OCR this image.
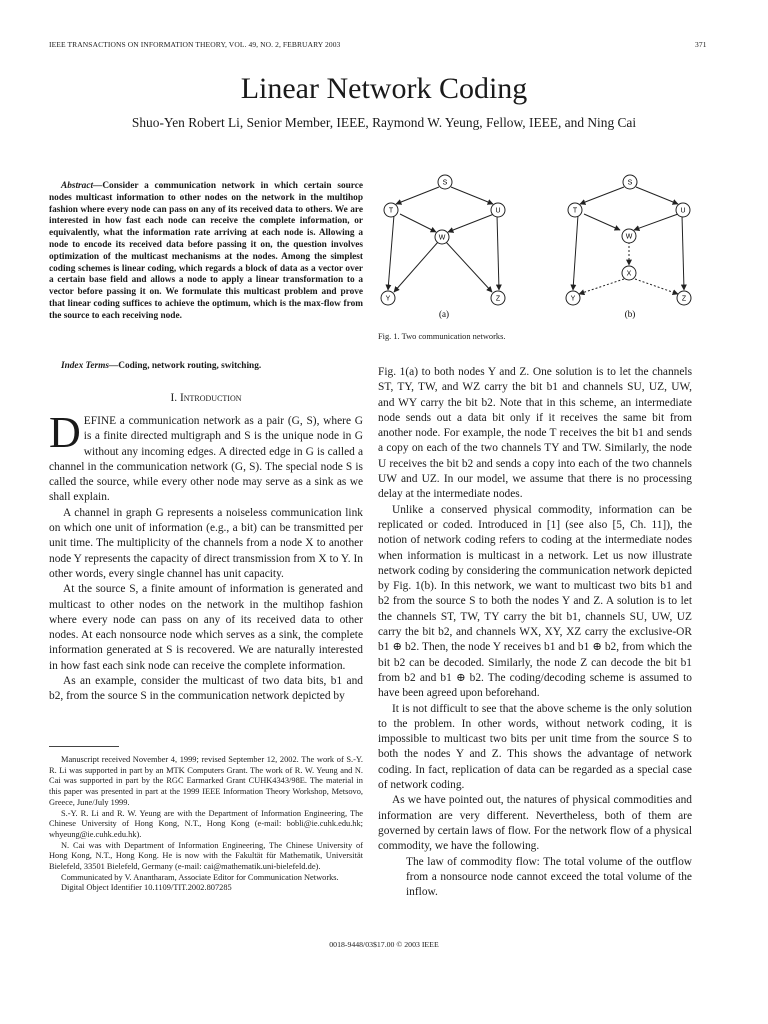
IEEE TRANSACTIONS ON INFORMATION THEORY, VOL. 49, NO. 2, FEBRUARY 2003	371
Linear Network Coding
Shuo-Yen Robert Li, Senior Member, IEEE, Raymond W. Yeung, Fellow, IEEE, and Ning Cai
Abstract—Consider a communication network in which certain source nodes multicast information to other nodes on the network in the multihop fashion where every node can pass on any of its received data to others. We are interested in how fast each node can receive the complete information, or equivalently, what the information rate arriving at each node is. Allowing a node to encode its received data before passing it on, the question involves optimization of the multicast mechanisms at the nodes. Among the simplest coding schemes is linear coding, which regards a block of data as a vector over a certain base field and allows a node to apply a linear transformation to a vector before passing it on. We formulate this multicast problem and prove that linear coding suffices to achieve the optimum, which is the max-flow from the source to each receiving node.
Index Terms—Coding, network routing, switching.
I. Introduction

DEFINE a communication network as a pair (G, S), where G is a finite directed multigraph and S is the unique node in G without any incoming edges. A directed edge in G is called a channel in the communication network (G, S). The special node S is called the source, while every other node may serve as a sink as we shall explain.

A channel in graph G represents a noiseless communication link on which one unit of information (e.g., a bit) can be transmitted per unit time. The multiplicity of the channels from a node X to another node Y represents the capacity of direct transmission from X to Y. In other words, every single channel has unit capacity.

At the source S, a finite amount of information is generated and multicast to other nodes on the network in the multihop fashion where every node can pass on any of its received data to other nodes. At each nonsource node which serves as a sink, the complete information generated at S is recovered. We are naturally interested in how fast each sink node can receive the complete information.

As an example, consider the multicast of two data bits, b1 and b2, from the source S in the communication network depicted by

Manuscript received November 4, 1999; revised September 12, 2002. The work of S.-Y. R. Li was supported in part by an MTK Computers Grant. The work of R. W. Yeung and N. Cai was supported in part by the RGC Earmarked Grant CUHK4343/98E. The material in this paper was presented in part at the 1999 IEEE Information Theory Workshop, Metsovo, Greece, June/July 1999.

S.-Y. R. Li and R. W. Yeung are with the Department of Information Engineering, The Chinese University of Hong Kong, N.T., Hong Kong (e-mail: bobli@ie.cuhk.edu.hk; whyeung@ie.cuhk.edu.hk).

N. Cai was with Department of Information Engineering, The Chinese University of Hong Kong, N.T., Hong Kong. He is now with the Fakultät für Mathematik, Universität Bielefeld, 33501 Bielefeld, Germany (e-mail: cai@mathematik.uni-bielefeld.de).

Communicated by V. Anantharam, Associate Editor for Communication Networks.

Digital Object Identifier 10.1109/TIT.2002.807285

S
T	U
W
Y	Z
S
T	U
W
X
Y	Z
(a)	(b)
Fig. 1. Two communication networks.

Fig. 1(a) to both nodes Y and Z. One solution is to let the channels ST, TY, TW, and WZ carry the bit b1 and channels SU, UZ, UW, and WY carry the bit b2. Note that in this scheme, an intermediate node sends out a data bit only if it receives the same bit from another node. For example, the node T receives the bit b1 and sends a copy on each of the two channels TY and TW. Similarly, the node U receives the bit b2 and sends a copy into each of the two channels UW and UZ. In our model, we assume that there is no processing delay at the intermediate nodes.

Unlike a conserved physical commodity, information can be replicated or coded. Introduced in [1] (see also [5, Ch. 11]), the notion of network coding refers to coding at the intermediate nodes when information is multicast in a network. Let us now illustrate network coding by considering the communication network depicted by Fig. 1(b). In this network, we want to multicast two bits b1 and b2 from the source S to both the nodes Y and Z. A solution is to let the channels ST, TW, TY carry the bit b1, channels SU, UW, UZ carry the bit b2, and channels WX, XY, XZ carry the exclusive-OR b1 ⊕ b2. Then, the node Y receives b1 and b1 ⊕ b2, from which the bit b2 can be decoded. Similarly, the node Z can decode the bit b1 from b2 and b1 ⊕ b2. The coding/decoding scheme is assumed to have been agreed upon beforehand.

It is not difficult to see that the above scheme is the only solution to the problem. In other words, without network coding, it is impossible to multicast two bits per unit time from the source S to both the nodes Y and Z. This shows the advantage of network coding. In fact, replication of data can be regarded as a special case of network coding.

As we have pointed out, the natures of physical commodities and information are very different. Nevertheless, both of them are governed by certain laws of flow. For the network flow of a physical commodity, we have the following.

The law of commodity flow: The total volume of the outflow from a nonsource node cannot exceed the total volume of the inflow.

0018-9448/03$17.00 © 2003 IEEE
